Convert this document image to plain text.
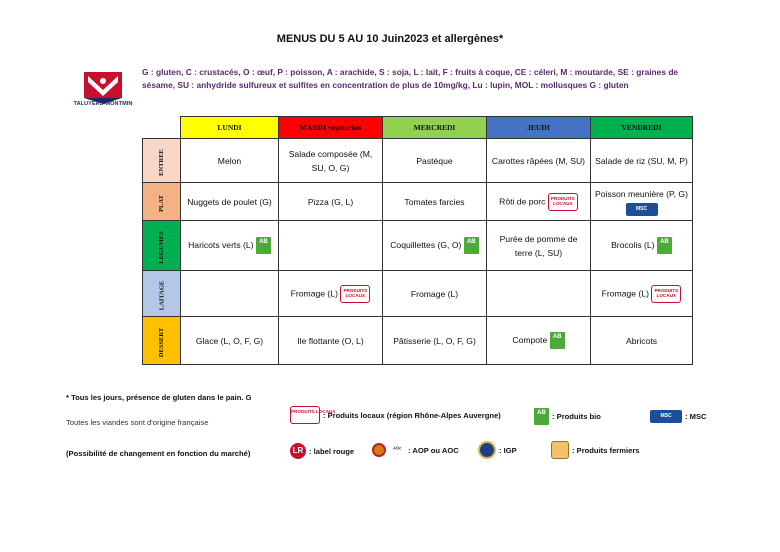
MENUS DU 5 AU 10 Juin2023 et allergènes*
TALUYERS-MONTMIN
G : gluten, C : crustacés, O : œuf, P : poisson, A : arachide, S : soja, L : lait, F : fruits à coque, CE : céleri, M : moutarde, SE : graines de sésame, SU : anhydride sulfureux et sulfites en concentration de plus de 10mg/kg, Lu : lupin, MOL : mollusques G : gluten
	LUNDI	MARDI végétarien	MERCREDI	JEUDI	VENDREDI
ENTREE	Melon	Salade composée (M, SU, O, G)	Pastèque	Carottes râpées (M, SU)	Salade de riz (SU, M, P)
PLAT	Nuggets de poulet (G)	Pizza (G, L)	Tomates farcies	Rôti de porc PRODUITS LOCAUX	Poisson meunière (P, G) MSC
LEGUMES	Haricots verts (L) AB		Coquillettes (G, O) AB	Purée de pomme de terre (L, SU)	Brocolis (L) AB
LAITAGE		Fromage (L) PRODUITS LOCAUX	Fromage (L)		Fromage (L) PRODUITS LOCAUX
DESSERT	Glace (L, O, F, G)	Ile flottante (O, L)	Pâtisserie (L, O, F, G)	Compote AB	Abricots
* Tous les jours, présence de gluten dans le pain. G
Toutes les viandes sont d'origine française
(Possibilité de changement en fonction du marché)
PRODUITS LOCAUX
: Produits locaux (région Rhône-Alpes Auvergne)	AB : Produits bio	MSC	: MSC
LR : label rouge	ᴬᴼᶜ : AOP ou AOC	: IGP	: Produits fermiers
